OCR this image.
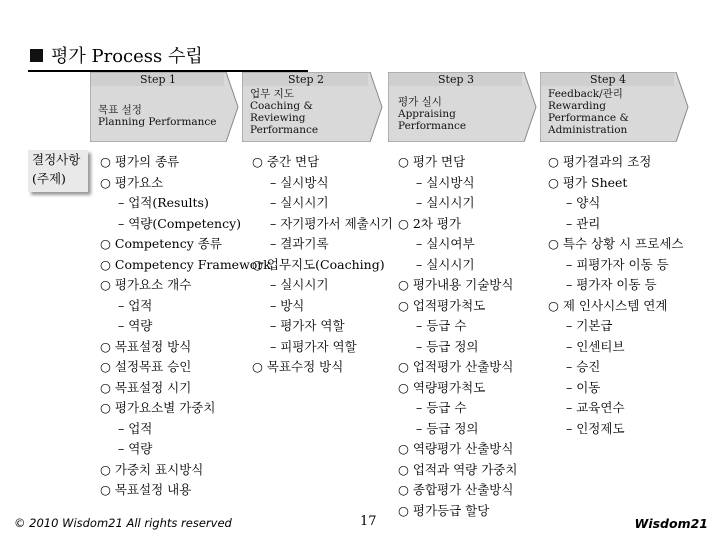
평가 Process 수립
Step 1
목표 설정
Planning Performance
Step 2
업무 지도
Coaching &
Reviewing
Performance
Step 3
평가 실시
Appraising
Performance
Step 4
Feedback/관리
Rewarding
Performance &
Administration
결정사항
(주제)
○ 평가의 종류
○ 평가요소
– 업적(Results)
– 역량(Competency)
○ Competency 종류
○ Competency Framework
○ 평가요소 개수
– 업적
– 역량
○ 목표설정 방식
○ 설정목표 승인
○ 목표설정 시기
○ 평가요소별 가중치
– 업적
– 역량
○ 가중치 표시방식
○ 목표설정 내용
○ 중간 면담
– 실시방식
– 실시시기
– 자기평가서 제출시기
– 결과기록
○ 업무지도(Coaching)
– 실시시기
– 방식
– 평가자 역할
– 피평가자 역할
○ 목표수정 방식
○ 평가 면담
– 실시방식
– 실시시기
○ 2차 평가
– 실시여부
– 실시시기
○ 평가내용 기술방식
○ 업적평가척도
– 등급 수
– 등급 정의
○ 업적평가 산출방식
○ 역량평가척도
– 등급 수
– 등급 정의
○ 역량평가 산출방식
○ 업적과 역량 가중치
○ 종합평가 산출방식
○ 평가등급 할당
○ 평가결과의 조정
○ 평가 Sheet
– 양식
– 관리
○ 특수 상황 시 프로세스
– 피평가자 이동 등
– 평가자 이동 등
○ 제 인사시스템 연계
– 기본급
– 인센티브
– 승진
– 이동
– 교육연수
– 인정제도
© 2010 Wisdom21 All rights reserved	17	Wisdom21
